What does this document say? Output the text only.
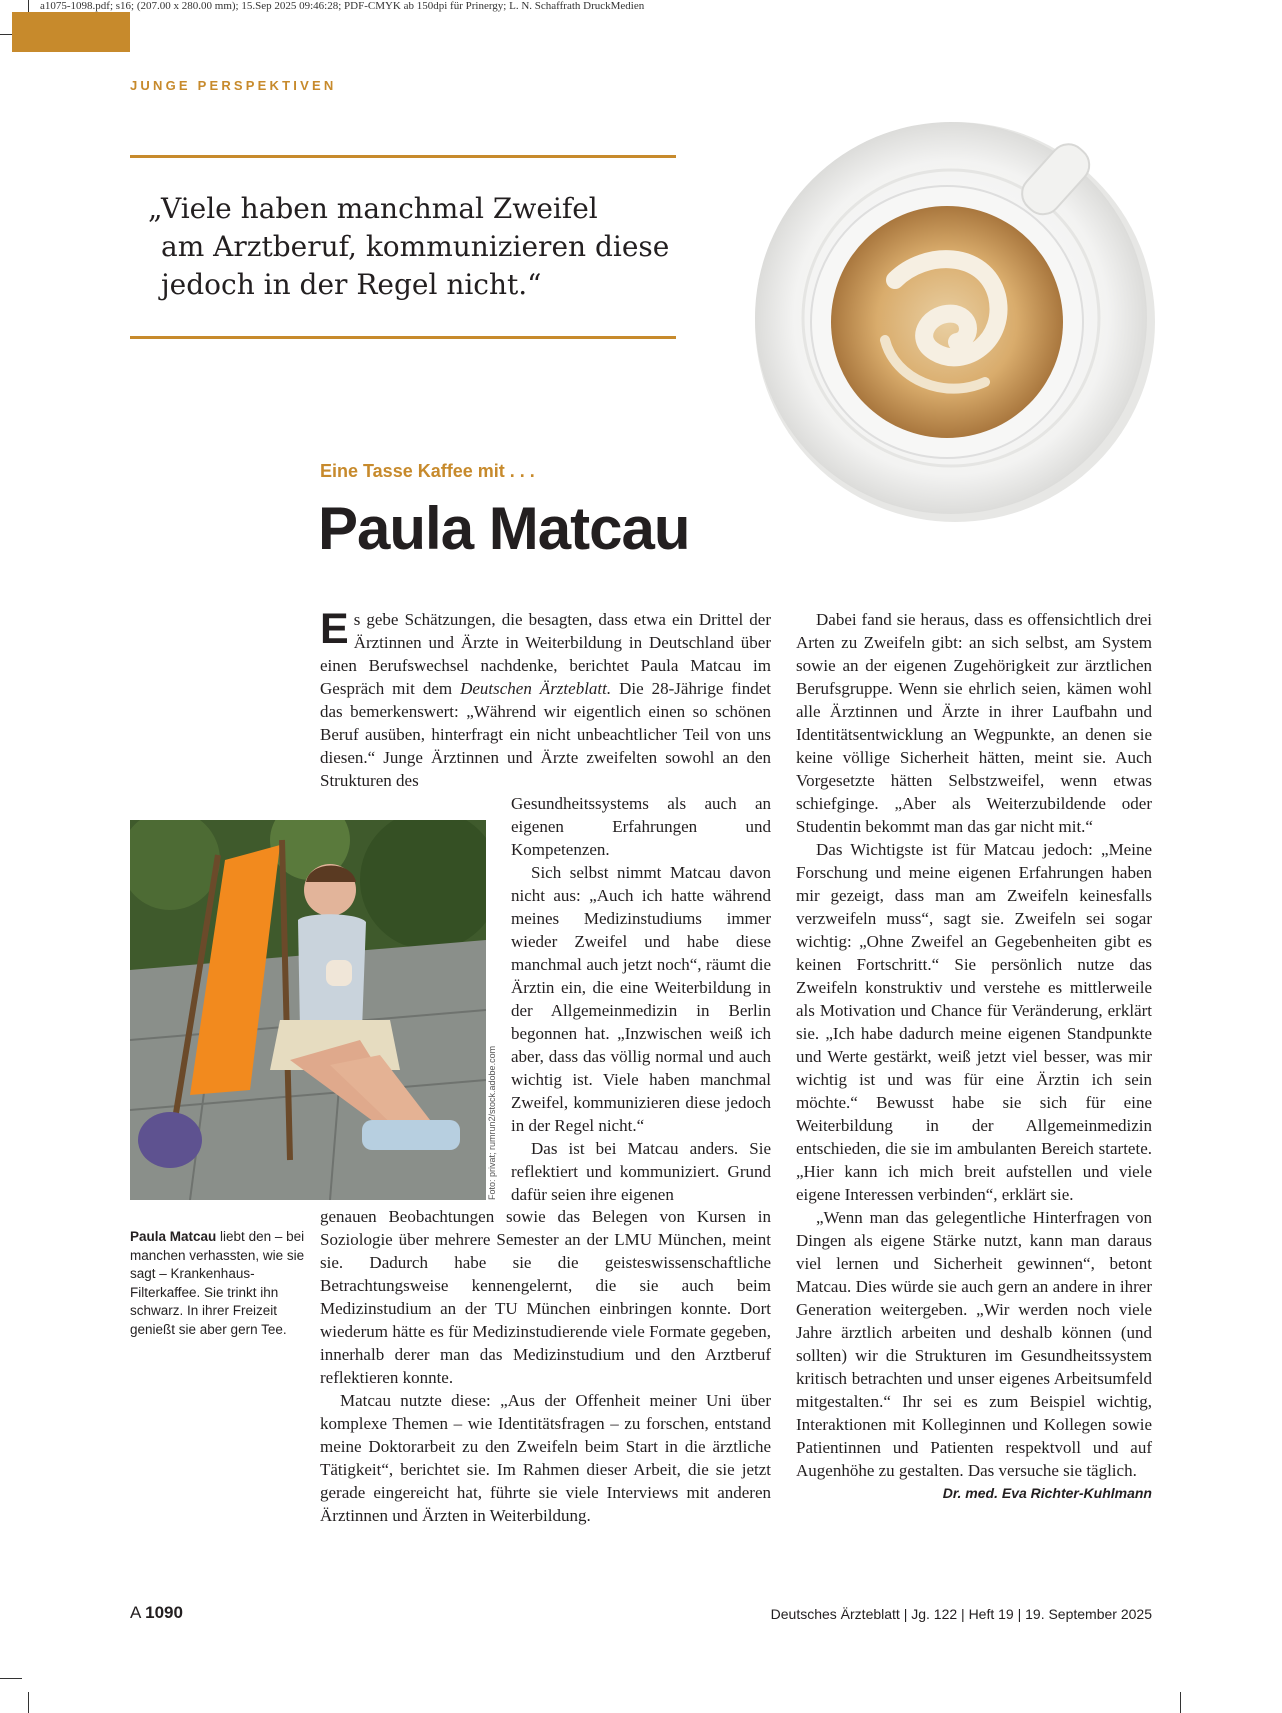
a1075-1098.pdf; s16; (207.00 x 280.00 mm); 15.Sep 2025 09:46:28; PDF-CMYK ab 150dpi für Prinergy; L. N. Schaffrath DruckMedien
JUNGE PERSPEKTIVEN
„Viele haben manchmal Zweifel
am Arztberuf, kommunizieren diese
jedoch in der Regel nicht.“
Eine Tasse Kaffee mit . . .
Paula Matcau

E s gebe Schätzungen, die besagten, dass etwa ein Drittel der Ärztinnen und Ärzte in Weiterbildung in Deutschland über einen Berufswechsel nachdenke, berichtet Paula Matcau im Gespräch mit dem Deutschen Ärzteblatt. Die 28-Jährige findet das bemerkenswert: „Während wir eigentlich einen so schönen Beruf ausüben, hinterfragt ein nicht unbeachtlicher Teil von uns diesen.“ Junge Ärztinnen und Ärzte zweifelten sowohl an den Strukturen des

Foto: privat; rumrun2/stock.adobe.com
Paula Matcau liebt den – bei manchen verhassten, wie sie sagt – Krankenhaus-Filterkaffee. Sie trinkt ihn schwarz. In ihrer Freizeit genießt sie aber gern Tee.

Gesundheitssystems als auch an eigenen Erfahrungen und Kompetenzen.

Sich selbst nimmt Matcau davon nicht aus: „Auch ich hatte während meines Medizinstudiums immer wieder Zweifel und habe diese manchmal auch jetzt noch“, räumt die Ärztin ein, die eine Weiterbildung in der Allgemeinmedizin in Berlin begonnen hat. „Inzwischen weiß ich aber, dass das völlig normal und auch wichtig ist. Viele haben manchmal Zweifel, kommunizieren diese jedoch in der Regel nicht.“

Das ist bei Matcau anders. Sie reflektiert und kommuniziert. Grund dafür seien ihre eigenen

genauen Beobachtungen sowie das Belegen von Kursen in Soziologie über mehrere Semester an der LMU München, meint sie. Dadurch habe sie die geisteswissenschaftliche Betrachtungsweise kennengelernt, die sie auch beim Medizinstudium an der TU München einbringen konnte. Dort wiederum hätte es für Medizinstudierende viele Formate gegeben, innerhalb derer man das Medizinstudium und den Arztberuf reflektieren konnte.

Matcau nutzte diese: „Aus der Offenheit meiner Uni über komplexe Themen – wie Identitätsfragen – zu forschen, entstand meine Doktorarbeit zu den Zweifeln beim Start in die ärztliche Tätigkeit“, berichtet sie. Im Rahmen dieser Arbeit, die sie jetzt gerade eingereicht hat, führte sie viele Interviews mit anderen Ärztinnen und Ärzten in Weiterbildung.

Dabei fand sie heraus, dass es offensichtlich drei Arten zu Zweifeln gibt: an sich selbst, am System sowie an der eigenen Zugehörigkeit zur ärztlichen Berufsgruppe. Wenn sie ehrlich seien, kämen wohl alle Ärztinnen und Ärzte in ihrer Laufbahn und Identitätsentwicklung an Wegpunkte, an denen sie keine völlige Sicherheit hätten, meint sie. Auch Vorgesetzte hätten Selbstzweifel, wenn etwas schiefginge. „Aber als Weiterzubildende oder Studentin bekommt man das gar nicht mit.“

Das Wichtigste ist für Matcau jedoch: „Meine Forschung und meine eigenen Erfahrungen haben mir gezeigt, dass man am Zweifeln keinesfalls verzweifeln muss“, sagt sie. Zweifeln sei sogar wichtig: „Ohne Zweifel an Gegebenheiten gibt es keinen Fortschritt.“ Sie persönlich nutze das Zweifeln konstruktiv und verstehe es mittlerweile als Motivation und Chance für Veränderung, erklärt sie. „Ich habe dadurch meine eigenen Standpunkte und Werte gestärkt, weiß jetzt viel besser, was mir wichtig ist und was für eine Ärztin ich sein möchte.“ Bewusst habe sie sich für eine Weiterbildung in der Allgemeinmedizin entschieden, die sie im ambulanten Bereich startete. „Hier kann ich mich breit aufstellen und viele eigene Interessen verbinden“, erklärt sie.

„Wenn man das gelegentliche Hinterfragen von Dingen als eigene Stärke nutzt, kann man daraus viel lernen und Sicherheit gewinnen“, betont Matcau. Dies würde sie auch gern an andere in ihrer Generation weitergeben. „Wir werden noch viele Jahre ärztlich arbeiten und deshalb können (und sollten) wir die Strukturen im Gesundheitssystem kritisch betrachten und unser eigenes Arbeitsumfeld mitgestalten.“ Ihr sei es zum Beispiel wichtig, Interaktionen mit Kolleginnen und Kollegen sowie Patientinnen und Patienten respektvoll und auf Augenhöhe zu gestalten. Das versuche sie täglich.
Dr. med. Eva Richter-Kuhlmann

A 1090	Deutsches Ärzteblatt | Jg. 122 | Heft 19 | 19. September 2025
